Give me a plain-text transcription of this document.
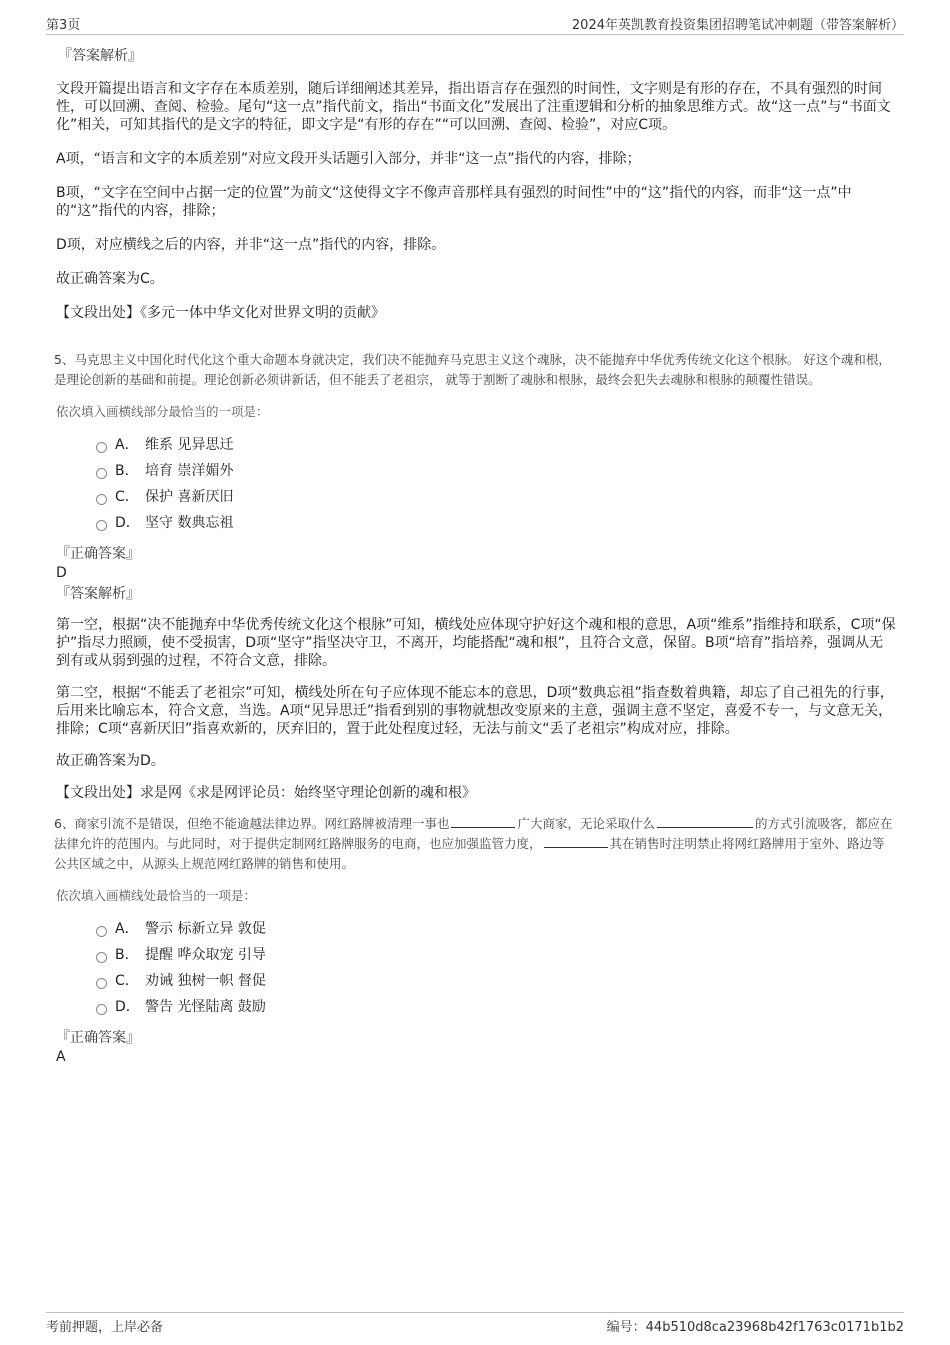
第3页	2024年英凯教育投资集团招聘笔试冲刺题（带答案解析）
『答案解析』

文段开篇提出语言和文字存在本质差别，随后详细阐述其差异，指出语言存在强烈的时间性，文字则是有形的存在，不具有强烈的时间性，可以回溯、查阅、检验。尾句“这一点”指代前文，指出“书面文化”发展出了注重逻辑和分析的抽象思维方式。故“这一点”与“书面文化”相关，可知其指代的是文字的特征，即文字是“有形的存在”“可以回溯、查阅、检验”，对应C项。

A项，“语言和文字的本质差别”对应文段开头话题引入部分，并非“这一点”指代的内容，排除；

B项，“文字在空间中占据一定的位置”为前文“这使得文字不像声音那样具有强烈的时间性”中的“这”指代的内容，而非“这一点”中的“这”指代的内容，排除；

D项，对应横线之后的内容，并非“这一点”指代的内容，排除。

故正确答案为C。

【文段出处】《多元一体中华文化对世界文明的贡献》

5、马克思主义中国化时代化这个重大命题本身就决定，我们决不能抛弃马克思主义这个魂脉，决不能抛弃中华优秀传统文化这个根脉。 好这个魂和根，是理论创新的基础和前提。理论创新必须讲新话，但不能丢了老祖宗， 就等于割断了魂脉和根脉，最终会犯失去魂脉和根脉的颠覆性错误。

依次填入画横线部分最恰当的一项是：

A． 维系 见异思迁
B． 培育 崇洋媚外
C． 保护 喜新厌旧
D． 坚守 数典忘祖
『正确答案』
D
『答案解析』

第一空，根据“决不能抛弃中华优秀传统文化这个根脉”可知，横线处应体现守护好这个魂和根的意思，A项“维系”指维持和联系，C项“保护”指尽力照顾，使不受损害，D项“坚守”指坚决守卫，不离开，均能搭配“魂和根”，且符合文意，保留。B项“培育”指培养，强调从无到有或从弱到强的过程，不符合文意，排除。

第二空，根据“不能丢了老祖宗”可知，横线处所在句子应体现不能忘本的意思，D项“数典忘祖”指查数着典籍，却忘了自己祖先的行事，后用来比喻忘本，符合文意，当选。A项“见异思迁”指看到别的事物就想改变原来的主意，强调主意不坚定，喜爱不专一，与文意无关，排除；C项“喜新厌旧”指喜欢新的，厌弃旧的，置于此处程度过轻，无法与前文“丢了老祖宗”构成对应，排除。

故正确答案为D。

【文段出处】求是网《求是网评论员：始终坚守理论创新的魂和根》

6、商家引流不是错误，但绝不能逾越法律边界。网红路牌被清理一事也	广大商家，无论采取什么	的方式引流吸客，都应在法律允许的范围内。与此同时，对于提供定制网红路牌服务的电商，也应加强监管力度，	其在销售时注明禁止将网红路牌用于室外、路边等公共区域之中，从源头上规范网红路牌的销售和使用。

依次填入画横线处最恰当的一项是：

A． 警示 标新立异 敦促
B． 提醒 哗众取宠 引导
C． 劝诫 独树一帜 督促
D． 警告 光怪陆离 鼓励
『正确答案』
A
考前押题，上岸必备	编号：44b510d8ca23968b42f1763c0171b1b2
